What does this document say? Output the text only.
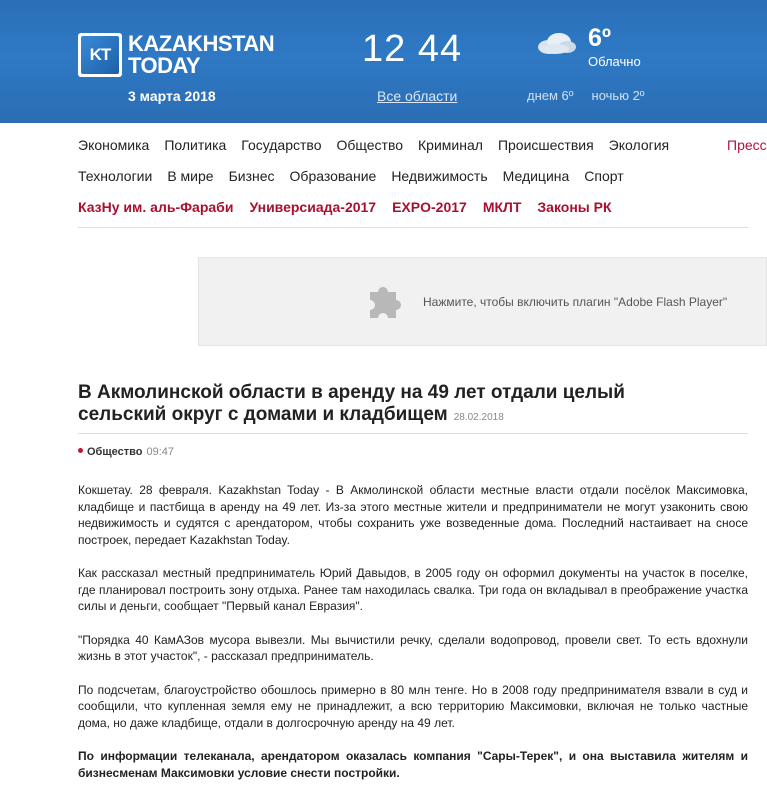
KT KAZAKHSTAN
TODAY
3 марта 2018
12 44
Все области
6º
Облачно
днем 6º ночью 2º
Экономика Политика Государство Общество Криминал Происшествия Экология	Пресс
Технологии В мире Бизнес Образование Недвижимость Медицина Спорт
КазНу им. аль-Фараби Универсиада-2017 EXPO-2017 МКЛТ Законы РК
Нажмите, чтобы включить плагин "Adobe Flash Player"
В Акмолинской области в аренду на 49 лет отдали целый сельский округ с домами и кладбищем 28.02.2018
Общество 09:47

Кокшетау. 28 февраля. Kazakhstan Today - В Акмолинской области местные власти отдали посёлок Максимовка, кладбище и пастбища в аренду на 49 лет. Из-за этого местные жители и предприниматели не могут узаконить свою недвижимость и судятся с арендатором, чтобы сохранить уже возведенные дома. Последний настаивает на сносе построек, передает Kazakhstan Today.

Как рассказал местный предприниматель Юрий Давыдов, в 2005 году он оформил документы на участок в поселке, где планировал построить зону отдыха. Ранее там находилась свалка. Три года он вкладывал в преображение участка силы и деньги, сообщает "Первый канал Евразия".

"Порядка 40 КамАЗов мусора вывезли. Мы вычистили речку, сделали водопровод, провели свет. То есть вдохнули жизнь в этот участок", - рассказал предприниматель.

По подсчетам, благоустройство обошлось примерно в 80 млн тенге. Но в 2008 году предпринимателя взвали в суд и сообщили, что купленная земля ему не принадлежит, а всю территорию Максимовки, включая не только частные дома, но даже кладбище, отдали в долгосрочную аренду на 49 лет.

По информации телеканала, арендатором оказалась компания "Сары-Терек", и она выставила жителям и бизнесменам Максимовки условие снести постройки.
